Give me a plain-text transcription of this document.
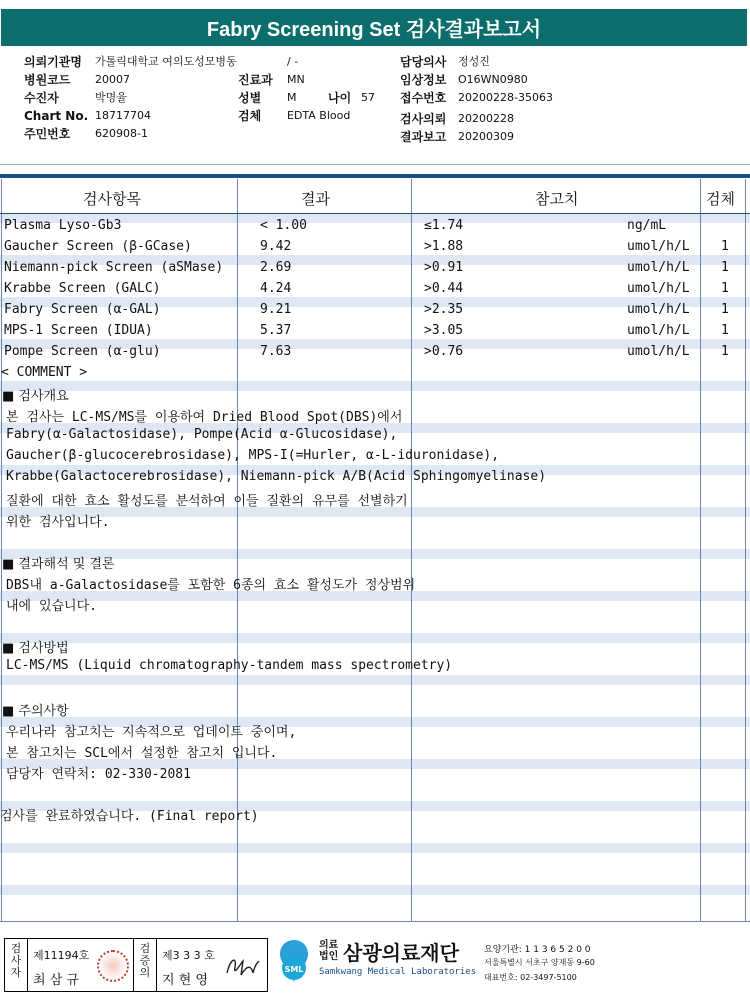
Fabry Screening Set 검사결과보고서
의뢰기관명 가톨릭대학교 여의도성모병동	/ -
병원코드 20007	진료과 MN
수진자	박명율	성별 M	나이 57
Chart No. 18717704	검체 EDTA Blood
주민번호 620908-1
담당의사 정성진
임상정보 O16WN0980
접수번호 20200228-35063
검사의뢰 20200228
결과보고 20200309
검사항목	결과	참고치	검체
Plasma Lyso-Gb3	< 1.00	≤1.74	ng/mL
Gaucher Screen (β-GCase)	9.42	>1.88	umol/h/L 1
Niemann-pick Screen (aSMase)	2.69	>0.91	umol/h/L 1
Krabbe Screen (GALC)	4.24	>0.44	umol/h/L 1
Fabry Screen (α-GAL)	9.21	>2.35	umol/h/L 1
MPS-1 Screen (IDUA)	5.37	>3.05	umol/h/L 1
Pompe Screen (α-glu)	7.63	>0.76	umol/h/L 1
< COMMENT >
■ 검사개요
본 검사는 LC-MS/MS를 이용하여 Dried Blood Spot(DBS)에서
Fabry(α-Galactosidase), Pompe(Acid α-Glucosidase),
Gaucher(β-glucocerebrosidase), MPS-I(=Hurler, α-L-iduronidase),
Krabbe(Galactocerebrosidase), Niemann-pick A/B(Acid Sphingomyelinase)
질환에 대한 효소 활성도를 분석하여 이들 질환의 유무를 선별하기
위한 검사입니다.
■ 결과해석 및 결론
DBS내 a-Galactosidase를 포함한 6종의 효소 활성도가 정상범위
내에 있습니다.
■ 검사방법
LC-MS/MS (Liquid chromatography-tandem mass spectrometry)
■ 주의사항
우리나라 참고치는 지속적으로 업데이트 중이며,
본 참고치는 SCL에서 설정한 참고치 입니다.
담당자 연락처: 02-330-2081
검사를 완료하였습니다. (Final report)
검사자
제11194호
최 삼 규
검증의
제3 3 3 호
지 현 영
SML
의료
법인 삼광의료재단
Samkwang Medical Laboratories
요양기관: 1 1 3 6 5 2 0 0
서울특별시 서초구 양재동 9-60
대표번호: 02-3497-5100
